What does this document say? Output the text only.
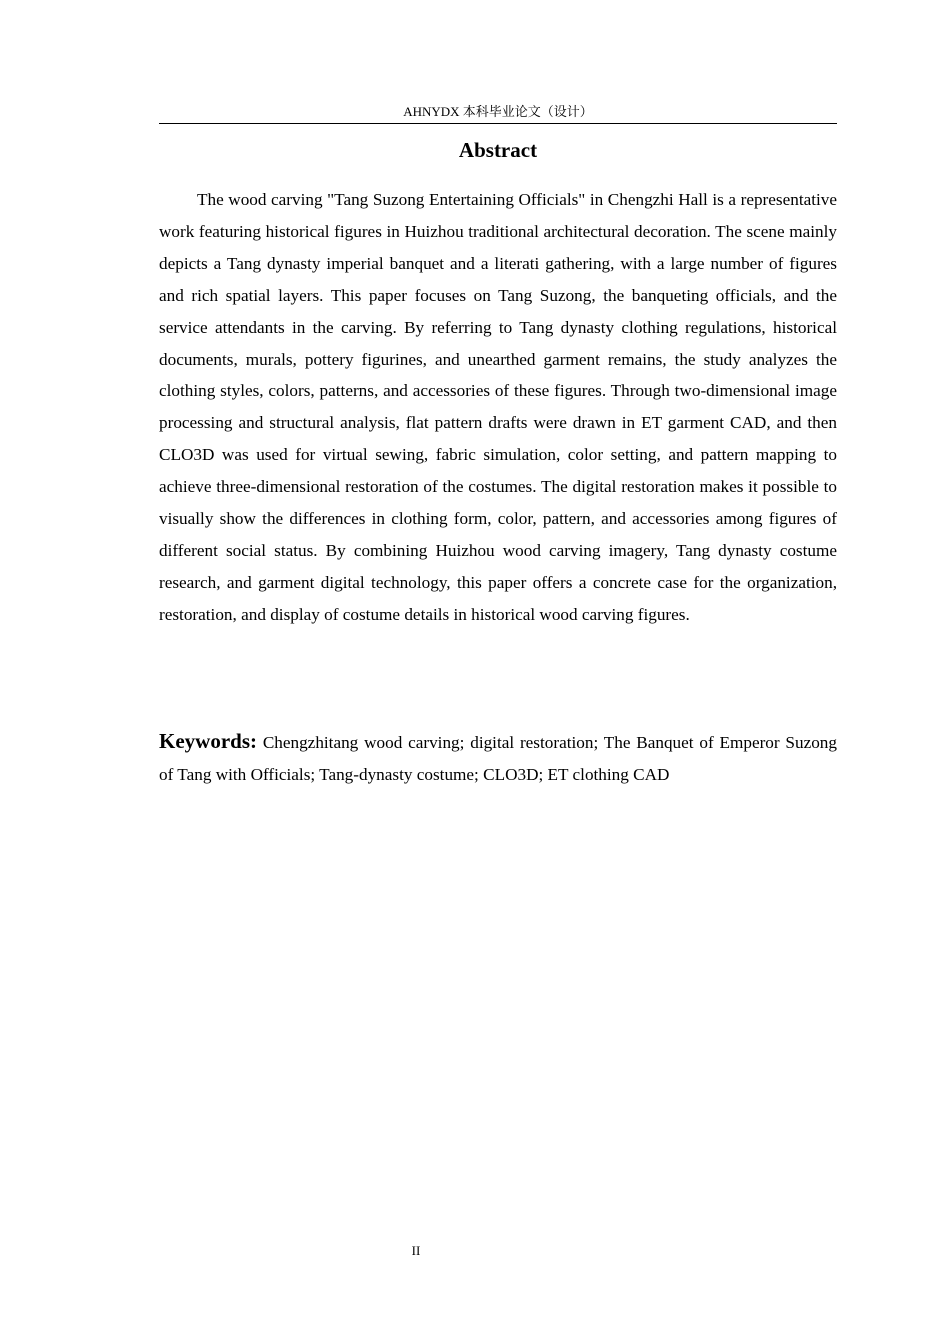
AHNYDX 本科毕业论文（设计）
Abstract

The wood carving "Tang Suzong Entertaining Officials" in Chengzhi Hall is a representative work featuring historical figures in Huizhou traditional architectural decoration. The scene mainly depicts a Tang dynasty imperial banquet and a literati gathering, with a large number of figures and rich spatial layers. This paper focuses on Tang Suzong, the banqueting officials, and the service attendants in the carving. By referring to Tang dynasty clothing regulations, historical documents, murals, pottery figurines, and unearthed garment remains, the study analyzes the clothing styles, colors, patterns, and accessories of these figures. Through two-dimensional image processing and structural analysis, flat pattern drafts were drawn in ET garment CAD, and then CLO3D was used for virtual sewing, fabric simulation, color setting, and pattern mapping to achieve three-dimensional restoration of the costumes. The digital restoration makes it possible to visually show the differences in clothing form, color, pattern, and accessories among figures of different social status. By combining Huizhou wood carving imagery, Tang dynasty costume research, and garment digital technology, this paper offers a concrete case for the organization, restoration, and display of costume details in historical wood carving figures.

Keywords: Chengzhitang wood carving; digital restoration; The Banquet of Emperor Suzong of Tang with Officials; Tang-dynasty costume; CLO3D; ET clothing CAD

II
